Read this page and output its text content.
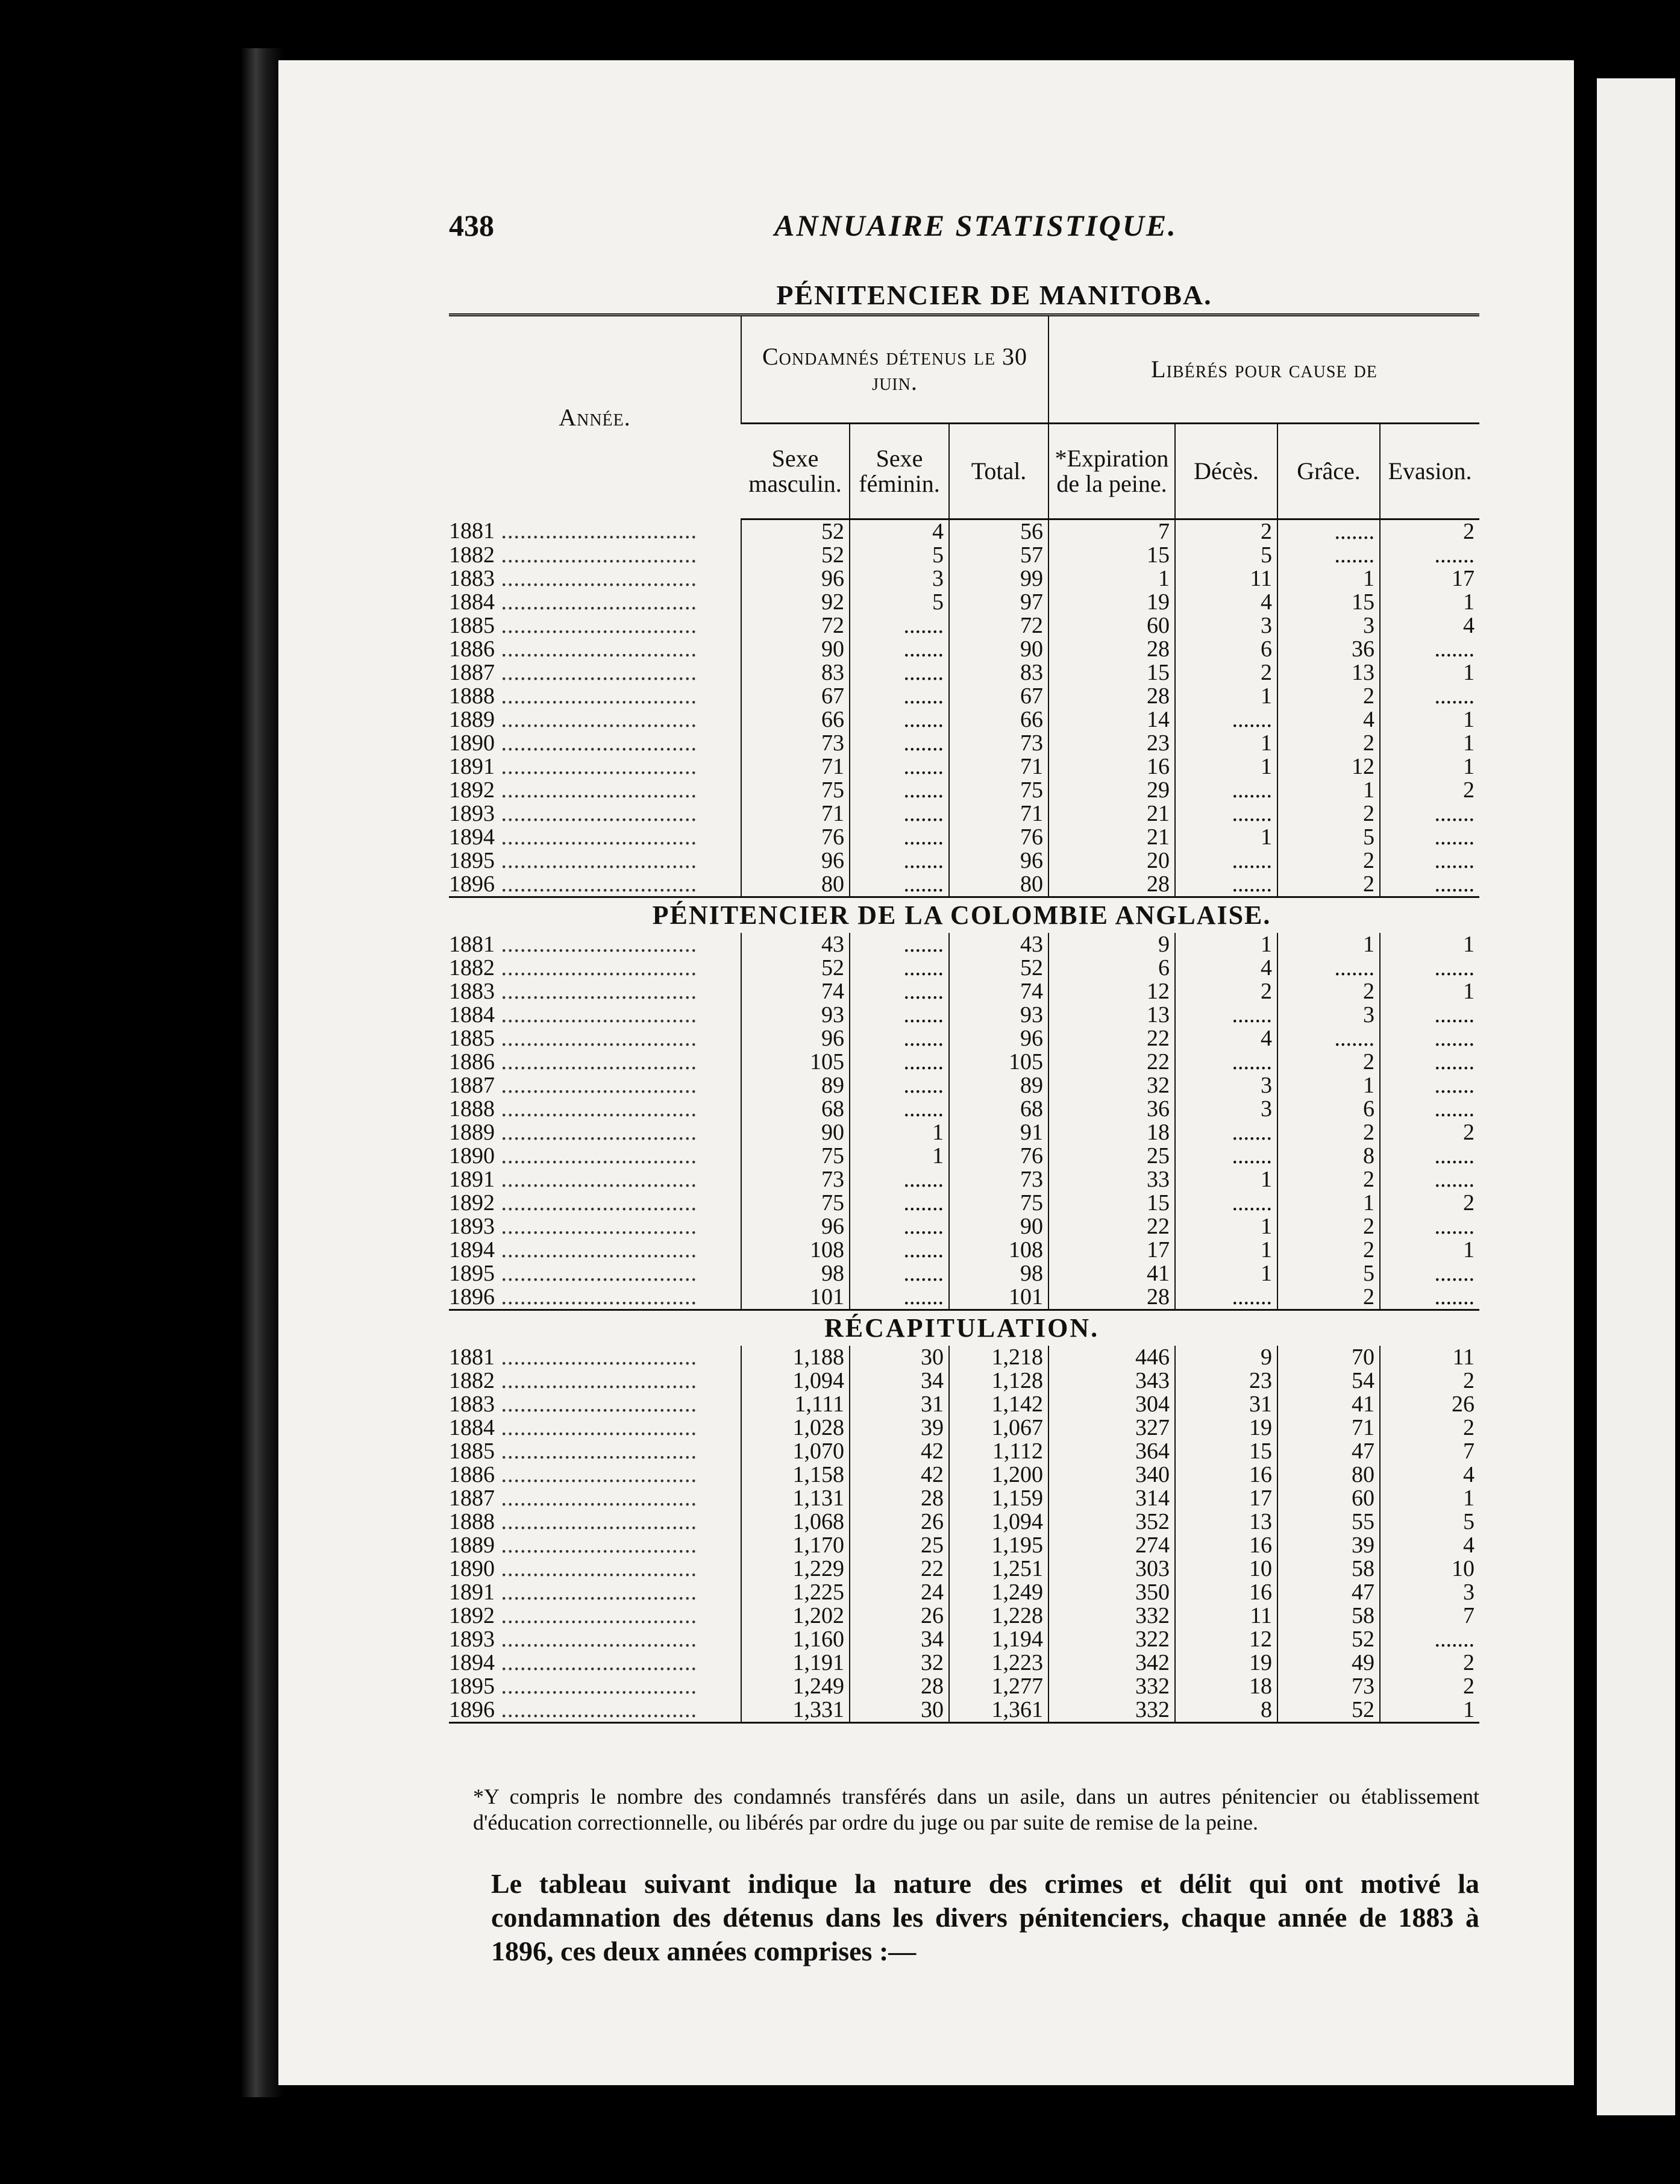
438	ANNUAIRE STATISTIQUE.
PÉNITENCIER DE MANITOBA.
Année.	Condamnés détenus le 30 juin.			Libérés pour cause de			
	Sexe masculin.	Sexe féminin.	Total.	*Expiration de la peine.	Décès.	Grâce.	Evasion.
1881 ...............................	52	4	56	7	2	.......	2
1882 ...............................	52	5	57	15	5	.......	.......
1883 ...............................	96	3	99	1	11	1	17
1884 ...............................	92	5	97	19	4	15	1
1885 ...............................	72	.......	72	60	3	3	4
1886 ...............................	90	.......	90	28	6	36	.......
1887 ...............................	83	.......	83	15	2	13	1
1888 ...............................	67	.......	67	28	1	2	.......
1889 ...............................	66	.......	66	14	.......	4	1
1890 ...............................	73	.......	73	23	1	2	1
1891 ...............................	71	.......	71	16	1	12	1
1892 ...............................	75	.......	75	29	.......	1	2
1893 ...............................	71	.......	71	21	.......	2	.......
1894 ...............................	76	.......	76	21	1	5	.......
1895 ...............................	96	.......	96	20	.......	2	.......
1896 ...............................	80	.......	80	28	.......	2	.......
PÉNITENCIER DE LA COLOMBIE ANGLAISE.							
1881 ...............................	43	.......	43	9	1	1	1
1882 ...............................	52	.......	52	6	4	.......	.......
1883 ...............................	74	.......	74	12	2	2	1
1884 ...............................	93	.......	93	13	.......	3	.......
1885 ...............................	96	.......	96	22	4	.......	.......
1886 ...............................	105	.......	105	22	.......	2	.......
1887 ...............................	89	.......	89	32	3	1	.......
1888 ...............................	68	.......	68	36	3	6	.......
1889 ...............................	90	1	91	18	.......	2	2
1890 ...............................	75	1	76	25	.......	8	.......
1891 ...............................	73	.......	73	33	1	2	.......
1892 ...............................	75	.......	75	15	.......	1	2
1893 ...............................	96	.......	90	22	1	2	.......
1894 ...............................	108	.......	108	17	1	2	1
1895 ...............................	98	.......	98	41	1	5	.......
1896 ...............................	101	.......	101	28	.......	2	.......
RÉCAPITULATION.							
1881 ...............................	1,188	30	1,218	446	9	70	11
1882 ...............................	1,094	34	1,128	343	23	54	2
1883 ...............................	1,111	31	1,142	304	31	41	26
1884 ...............................	1,028	39	1,067	327	19	71	2
1885 ...............................	1,070	42	1,112	364	15	47	7
1886 ...............................	1,158	42	1,200	340	16	80	4
1887 ...............................	1,131	28	1,159	314	17	60	1
1888 ...............................	1,068	26	1,094	352	13	55	5
1889 ...............................	1,170	25	1,195	274	16	39	4
1890 ...............................	1,229	22	1,251	303	10	58	10
1891 ...............................	1,225	24	1,249	350	16	47	3
1892 ...............................	1,202	26	1,228	332	11	58	7
1893 ...............................	1,160	34	1,194	322	12	52	.......
1894 ...............................	1,191	32	1,223	342	19	49	2
1895 ...............................	1,249	28	1,277	332	18	73	2
1896 ...............................	1,331	30	1,361	332	8	52	1
*Y compris le nombre des condamnés transférés dans un asile, dans un autres pénitencier ou établissement d'éducation correctionnelle, ou libérés par ordre du juge ou par suite de remise de la peine.
Le tableau suivant indique la nature des crimes et délit qui ont motivé la condamnation des détenus dans les divers pénitenciers, chaque année de 1883 à 1896, ces deux années comprises :—
